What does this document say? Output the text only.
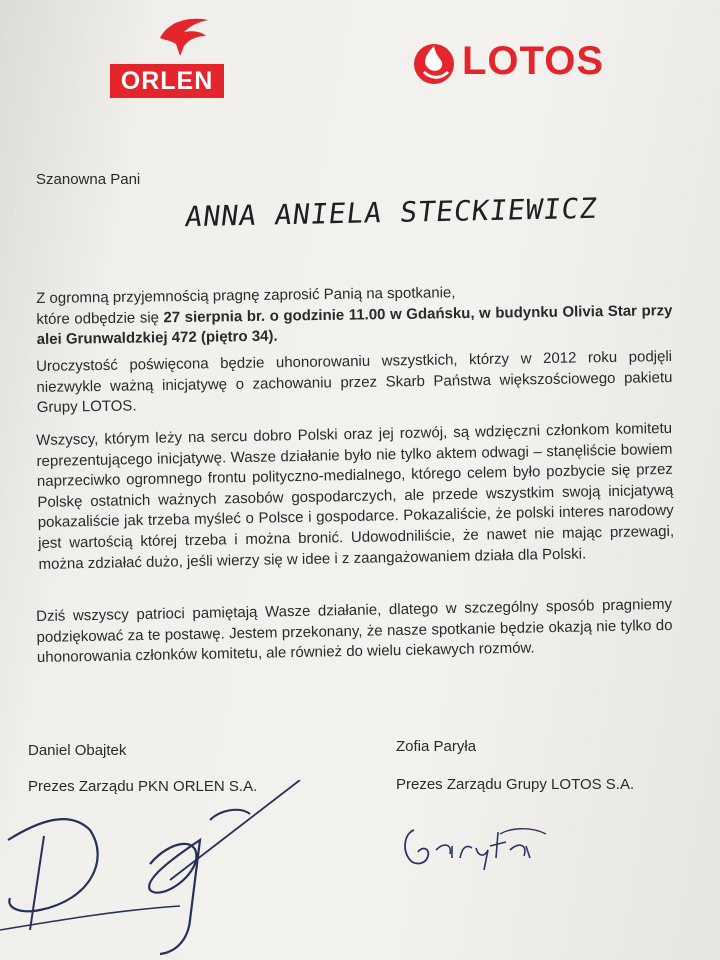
ORLEN	LOTOS
Szanowna Pani
ANNA ANIELA STECKIEWICZ
Z ogromną przyjemnością pragnę zaprosić Panią na spotkanie,
które odbędzie się 27 sierpnia br. o godzinie 11.00 w Gdańsku, w budynku Olivia Star przy alei Grunwaldzkiej 472 (piętro 34).
Uroczystość poświęcona będzie uhonorowaniu wszystkich, którzy w 2012 roku podjęli niezwykle ważną inicjatywę o zachowaniu przez Skarb Państwa większościowego pakietu Grupy LOTOS.
Wszyscy, którym leży na sercu dobro Polski oraz jej rozwój, są wdzięczni członkom komitetu reprezentującego inicjatywę. Wasze działanie było nie tylko aktem odwagi – stanęliście bowiem naprzeciwko ogromnego frontu polityczno-medialnego, którego celem było pozbycie się przez Polskę ostatnich ważnych zasobów gospodarczych, ale przede wszystkim swoją inicjatywą pokazaliście jak trzeba myśleć o Polsce i gospodarce. Pokazaliście, że polski interes narodowy jest wartością której trzeba i można bronić. Udowodniliście, że nawet nie mając przewagi, można zdziałać dużo, jeśli wierzy się w idee i z zaangażowaniem działa dla Polski.
Dziś wszyscy patrioci pamiętają Wasze działanie, dlatego w szczególny sposób pragniemy podziękować za te postawę. Jestem przekonany, że nasze spotkanie będzie okazją nie tylko do uhonorowania członków komitetu, ale również do wielu ciekawych rozmów.
Daniel Obajtek
Prezes Zarządu PKN ORLEN S.A.
Zofia Paryła
Prezes Zarządu Grupy LOTOS S.A.
